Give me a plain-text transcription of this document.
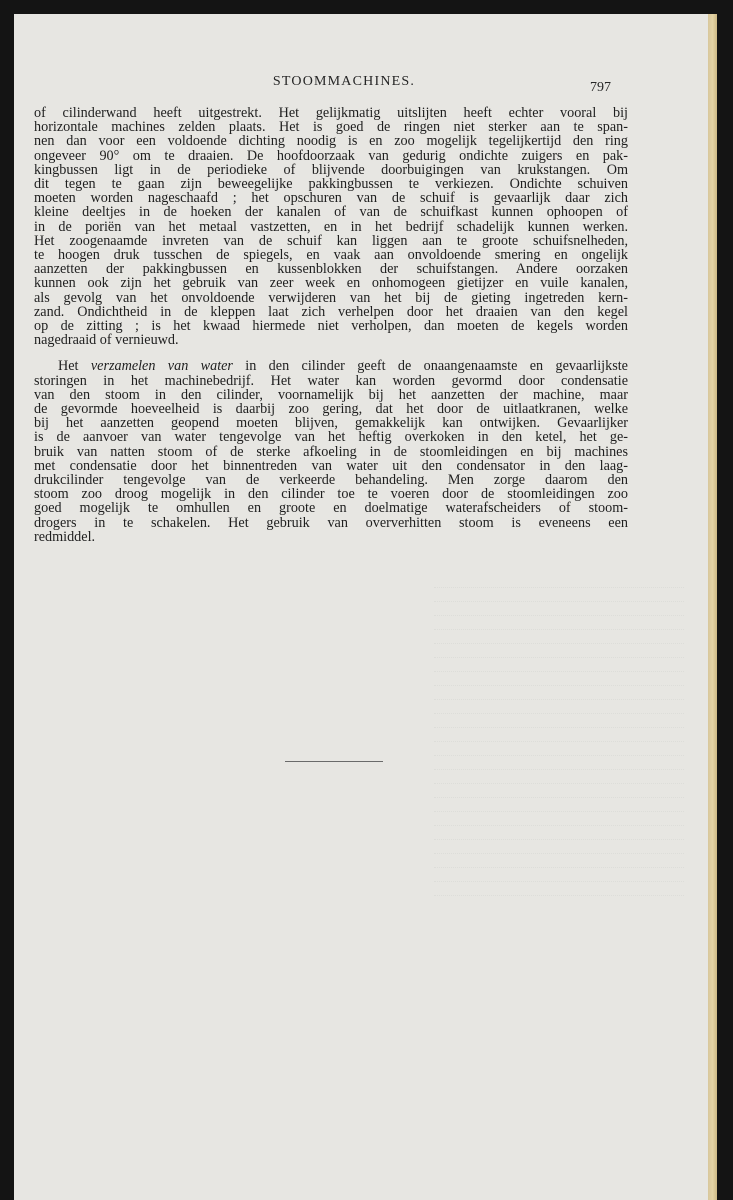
STOOMMACHINES.	797

of cilinderwand heeft uitgestrekt. Het gelijkmatig uitslijten heeft echter vooral bij

horizontale machines zelden plaats. Het is goed de ringen niet sterker aan te span-

nen dan voor een voldoende dichting noodig is en zoo mogelijk tegelijkertijd den ring

ongeveer 90° om te draaien. De hoofdoorzaak van gedurig ondichte zuigers en pak-

kingbussen ligt in de periodieke of blijvende doorbuigingen van krukstangen. Om

dit tegen te gaan zijn beweegelijke pakkingbussen te verkiezen. Ondichte schuiven

moeten worden nageschaafd ; het opschuren van de schuif is gevaarlijk daar zich

kleine deeltjes in de hoeken der kanalen of van de schuifkast kunnen ophoopen of

in de poriën van het metaal vastzetten, en in het bedrijf schadelijk kunnen werken.

Het zoogenaamde invreten van de schuif kan liggen aan te groote schuifsnelheden,

te hoogen druk tusschen de spiegels, en vaak aan onvoldoende smering en ongelijk

aanzetten der pakkingbussen en kussenblokken der schuifstangen. Andere oorzaken

kunnen ook zijn het gebruik van zeer week en onhomogeen gietijzer en vuile kanalen,

als gevolg van het onvoldoende verwijderen van het bij de gieting ingetreden kern-

zand. Ondichtheid in de kleppen laat zich verhelpen door het draaien van den kegel

op de zitting ; is het kwaad hiermede niet verholpen, dan moeten de kegels worden

nagedraaid of vernieuwd.

Het verzamelen van water in den cilinder geeft de onaangenaamste en gevaarlijkste

storingen in het machinebedrijf. Het water kan worden gevormd door condensatie

van den stoom in den cilinder, voornamelijk bij het aanzetten der machine, maar

de gevormde hoeveelheid is daarbij zoo gering, dat het door de uitlaatkranen, welke

bij het aanzetten geopend moeten blijven, gemakkelijk kan ontwijken. Gevaarlijker

is de aanvoer van water tengevolge van het heftig overkoken in den ketel, het ge-

bruik van natten stoom of de sterke afkoeling in de stoomleidingen en bij machines

met condensatie door het binnentreden van water uit den condensator in den laag-

drukcilinder tengevolge van de verkeerde behandeling. Men zorge daarom den

stoom zoo droog mogelijk in den cilinder toe te voeren door de stoomleidingen zoo

goed mogelijk te omhullen en groote en doelmatige waterafscheiders of stoom-

drogers in te schakelen. Het gebruik van oververhitten stoom is eveneens een

redmiddel.
